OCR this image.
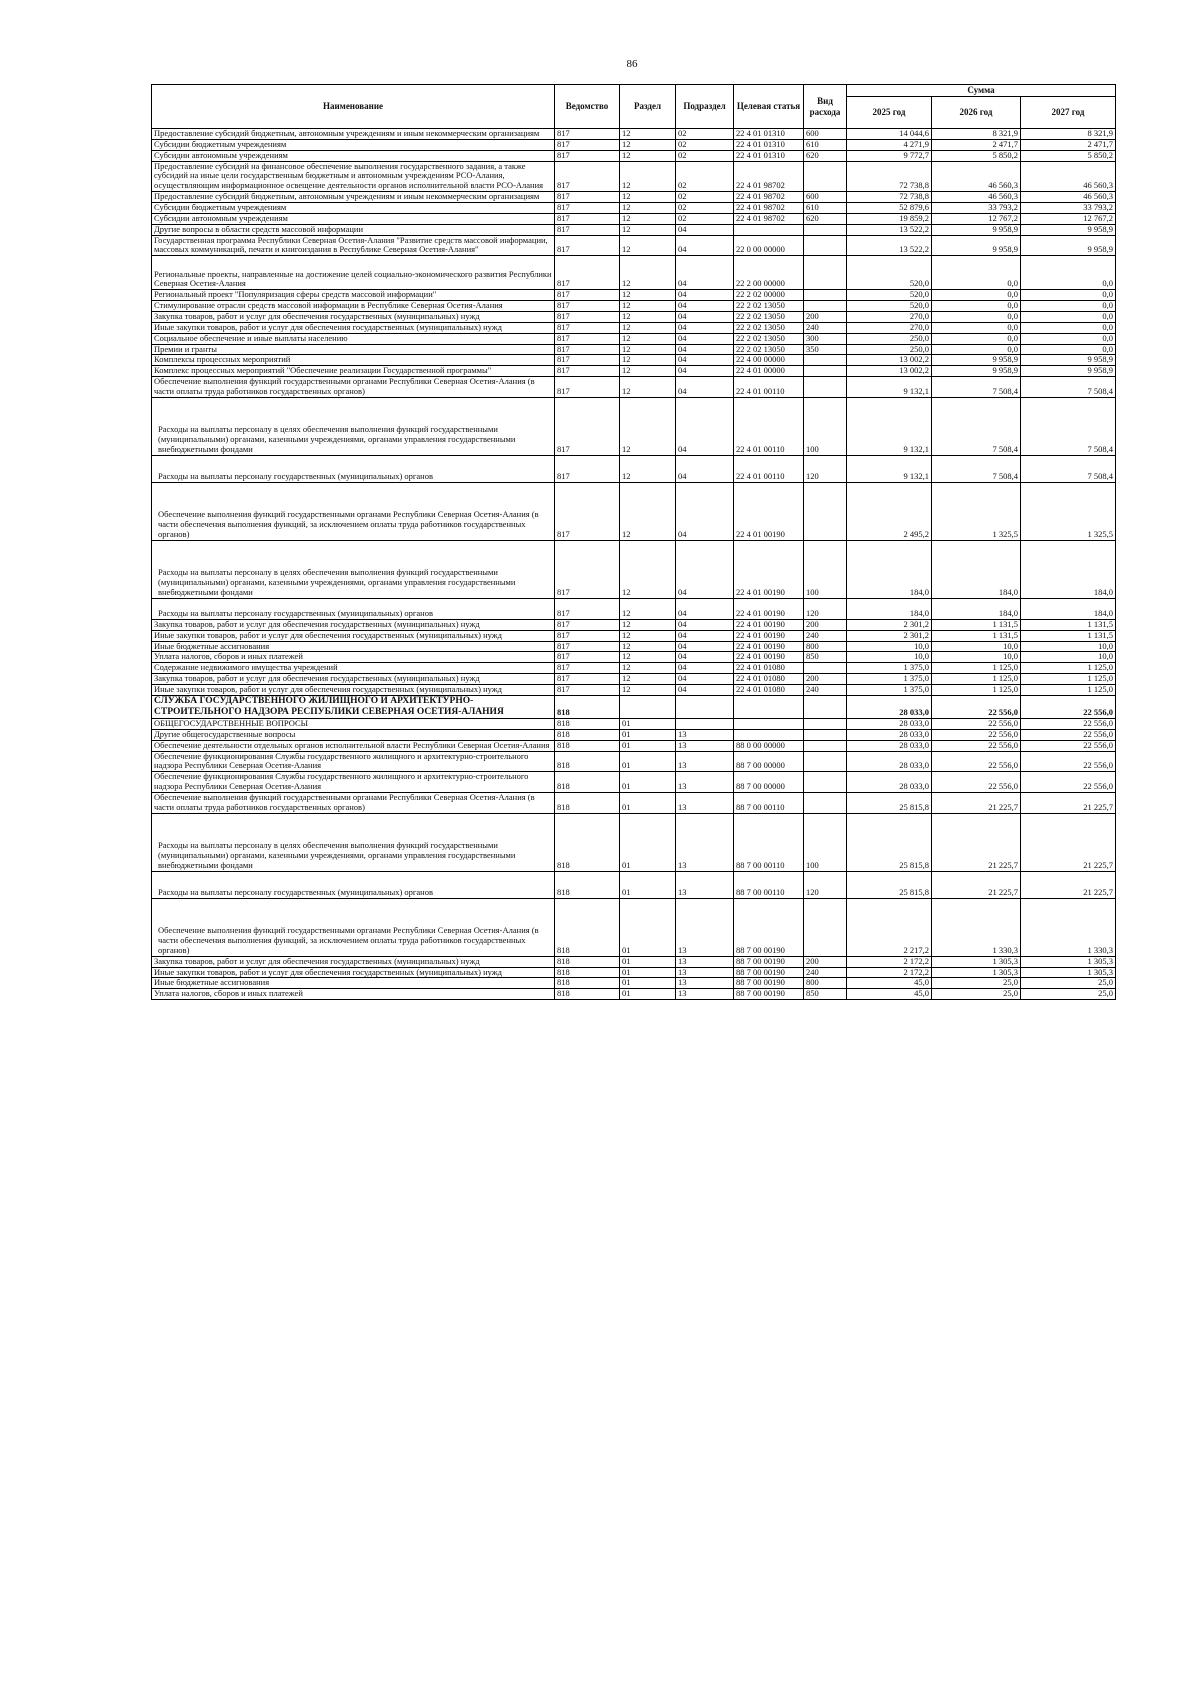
86
Наименование	Ведомство	Раздел	Подраздел	Целевая статья	Вид расхода	Сумма		
						2025 год	2026 год	2027 год
Предоставление субсидий бюджетным, автономным учреждениям и иным некоммерческим организациям	817	12	02	22 4 01 01310	600	14 044,6	8 321,9	8 321,9
Субсидии бюджетным учреждениям	817	12	02	22 4 01 01310	610	4 271,9	2 471,7	2 471,7
Субсидии автономным учреждениям	817	12	02	22 4 01 01310	620	9 772,7	5 850,2	5 850,2
Предоставление субсидий на финансовое обеспечение выполнения государственного задания, а также субсидий на иные цели государственным бюджетным и автономным учреждениям РСО-Алания, осуществляющим информационное освещение деятельности органов исполнительной власти РСО-Алания	817	12	02	22 4 01 98702		72 738,8	46 560,3	46 560,3
Предоставление субсидий бюджетным, автономным учреждениям и иным некоммерческим организациям	817	12	02	22 4 01 98702	600	72 738,8	46 560,3	46 560,3
Субсидии бюджетным учреждениям	817	12	02	22 4 01 98702	610	52 879,6	33 793,2	33 793,2
Субсидии автономным учреждениям	817	12	02	22 4 01 98702	620	19 859,2	12 767,2	12 767,2
Другие вопросы в области средств массовой информации	817	12	04			13 522,2	9 958,9	9 958,9
Государственная программа Республики Северная Осетия-Алания "Развитие средств массовой информации, массовых коммуникаций, печати и книгоиздания в Республике Северная Осетия-Алания"	817	12	04	22 0 00 00000		13 522,2	9 958,9	9 958,9
Региональные проекты, направленные на достижение целей социально-экономического развития Республики Северная Осетия-Алания	817	12	04	22 2 00 00000		520,0	0,0	0,0
Региональный проект "Популяризация сферы средств массовой информации"	817	12	04	22 2 02 00000		520,0	0,0	0,0
Стимулирование отрасли средств массовой информации в Республике Северная Осетия-Алания	817	12	04	22 2 02 13050		520,0	0,0	0,0
Закупка товаров, работ и услуг для обеспечения государственных (муниципальных) нужд	817	12	04	22 2 02 13050	200	270,0	0,0	0,0
Иные закупки товаров, работ и услуг для обеспечения государственных (муниципальных) нужд	817	12	04	22 2 02 13050	240	270,0	0,0	0,0
Социальное обеспечение и иные выплаты населению	817	12	04	22 2 02 13050	300	250,0	0,0	0,0
Премии и гранты	817	12	04	22 2 02 13050	350	250,0	0,0	0,0
Комплексы процессных мероприятий	817	12	04	22 4 00 00000		13 002,2	9 958,9	9 958,9
Комплекс процессных мероприятий "Обеспечение реализации Государственной программы"	817	12	04	22 4 01 00000		13 002,2	9 958,9	9 958,9
Обеспечение выполнения функций государственными органами Республики Северная Осетия-Алания (в части оплаты труда работников государственных органов)	817	12	04	22 4 01 00110		9 132,1	7 508,4	7 508,4
Расходы на выплаты персоналу в целях обеспечения выполнения функций государственными (муниципальными) органами, казенными учреждениями, органами управления государственными внебюджетными фондами	817	12	04	22 4 01 00110	100	9 132,1	7 508,4	7 508,4
Расходы на выплаты персоналу государственных (муниципальных) органов	817	12	04	22 4 01 00110	120	9 132,1	7 508,4	7 508,4
Обеспечение выполнения функций государственными органами Республики Северная Осетия-Алания (в части обеспечения выполнения функций, за исключением оплаты труда работников государственных органов)	817	12	04	22 4 01 00190		2 495,2	1 325,5	1 325,5
Расходы на выплаты персоналу в целях обеспечения выполнения функций государственными (муниципальными) органами, казенными учреждениями, органами управления государственными внебюджетными фондами	817	12	04	22 4 01 00190	100	184,0	184,0	184,0
Расходы на выплаты персоналу государственных (муниципальных) органов	817	12	04	22 4 01 00190	120	184,0	184,0	184,0
Закупка товаров, работ и услуг для обеспечения государственных (муниципальных) нужд	817	12	04	22 4 01 00190	200	2 301,2	1 131,5	1 131,5
Иные закупки товаров, работ и услуг для обеспечения государственных (муниципальных) нужд	817	12	04	22 4 01 00190	240	2 301,2	1 131,5	1 131,5
Иные бюджетные ассигнования	817	12	04	22 4 01 00190	800	10,0	10,0	10,0
Уплата налогов, сборов и иных платежей	817	12	04	22 4 01 00190	850	10,0	10,0	10,0
Содержание недвижимого имущества учреждений	817	12	04	22 4 01 01080		1 375,0	1 125,0	1 125,0
Закупка товаров, работ и услуг для обеспечения государственных (муниципальных) нужд	817	12	04	22 4 01 01080	200	1 375,0	1 125,0	1 125,0
Иные закупки товаров, работ и услуг для обеспечения государственных (муниципальных) нужд	817	12	04	22 4 01 01080	240	1 375,0	1 125,0	1 125,0
СЛУЖБА ГОСУДАРСТВЕННОГО ЖИЛИЩНОГО И АРХИТЕКТУРНО-СТРОИТЕЛЬНОГО НАДЗОРА РЕСПУБЛИКИ СЕВЕРНАЯ ОСЕТИЯ-АЛАНИЯ	818					28 033,0	22 556,0	22 556,0
ОБЩЕГОСУДАРСТВЕННЫЕ ВОПРОСЫ	818	01				28 033,0	22 556,0	22 556,0
Другие общегосударственные вопросы	818	01	13			28 033,0	22 556,0	22 556,0
Обеспечение деятельности отдельных органов исполнительной власти Республики Северная Осетия-Алания	818	01	13	88 0 00 00000		28 033,0	22 556,0	22 556,0
Обеспечение функционирования Службы государственного жилищного и архитектурно-строительного надзора Республики Северная Осетия-Алания	818	01	13	88 7 00 00000		28 033,0	22 556,0	22 556,0
Обеспечение функционирования Службы государственного жилищного и архитектурно-строительного надзора Республики Северная Осетия-Алания	818	01	13	88 7 00 00000		28 033,0	22 556,0	22 556,0
Обеспечение выполнения функций государственными органами Республики Северная Осетия-Алания (в части оплаты труда работников государственных органов)	818	01	13	88 7 00 00110		25 815,8	21 225,7	21 225,7
Расходы на выплаты персоналу в целях обеспечения выполнения функций государственными (муниципальными) органами, казенными учреждениями, органами управления государственными внебюджетными фондами	818	01	13	88 7 00 00110	100	25 815,8	21 225,7	21 225,7
Расходы на выплаты персоналу государственных (муниципальных) органов	818	01	13	88 7 00 00110	120	25 815,8	21 225,7	21 225,7
Обеспечение выполнения функций государственными органами Республики Северная Осетия-Алания (в части обеспечения выполнения функций, за исключением оплаты труда работников государственных органов)	818	01	13	88 7 00 00190		2 217,2	1 330,3	1 330,3
Закупка товаров, работ и услуг для обеспечения государственных (муниципальных) нужд	818	01	13	88 7 00 00190	200	2 172,2	1 305,3	1 305,3
Иные закупки товаров, работ и услуг для обеспечения государственных (муниципальных) нужд	818	01	13	88 7 00 00190	240	2 172,2	1 305,3	1 305,3
Иные бюджетные ассигнования	818	01	13	88 7 00 00190	800	45,0	25,0	25,0
Уплата налогов, сборов и иных платежей	818	01	13	88 7 00 00190	850	45,0	25,0	25,0
